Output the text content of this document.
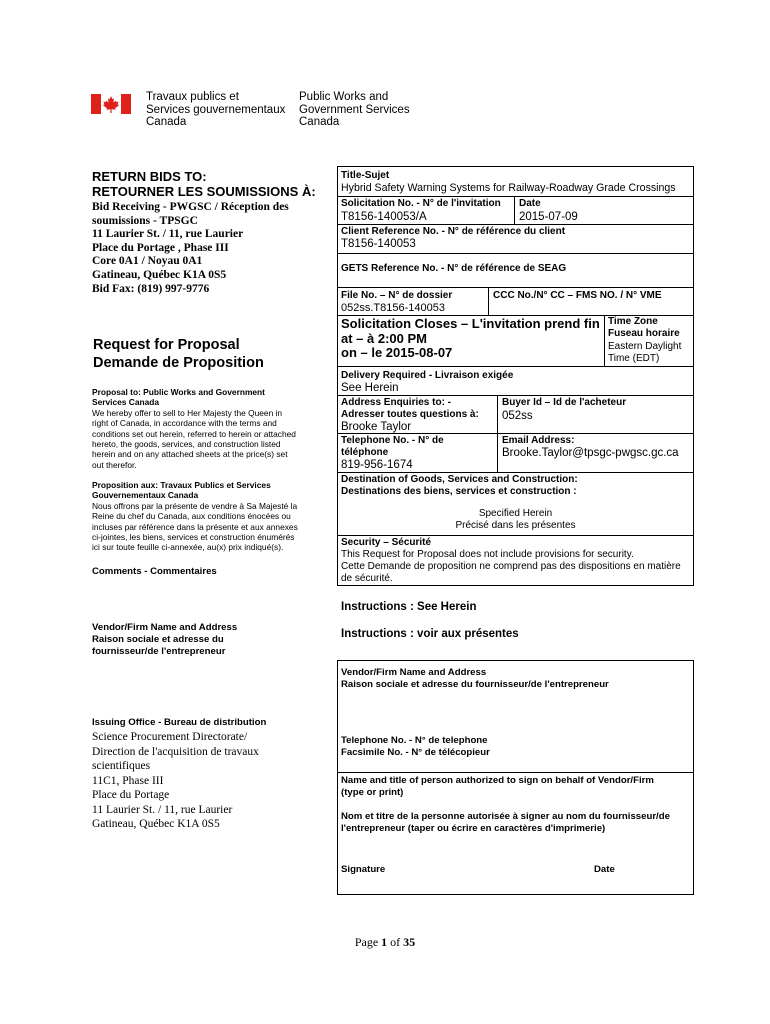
Travaux publics et
Services gouvernementaux
Canada
Public Works and
Government Services
Canada
RETURN BIDS TO:
RETOURNER LES SOUMISSIONS À:
Bid Receiving - PWGSC / Réception des
soumissions - TPSGC
11 Laurier St. / 11, rue Laurier
Place du Portage , Phase III
Core 0A1 / Noyau 0A1
Gatineau, Québec K1A 0S5
Bid Fax: (819) 997-9776
Request for Proposal
Demande de Proposition
Proposal to: Public Works and Government
Services Canada
We hereby offer to sell to Her Majesty the Queen in
right of Canada, in accordance with the terms and
conditions set out herein, referred to herein or attached
hereto, the goods, services, and construction listed
herein and on any attached sheets at the price(s) set
out therefor.
Proposition aux: Travaux Publics et Services
Gouvernementaux Canada
Nous offrons par la présente de vendre à Sa Majesté la
Reine du chef du Canada, aux conditions énocées ou
incluses par référence dans la présente et aux annexes
ci-jointes, les biens, services et construction énumérés
ici sur toute feuille ci-annexée, au(x) prix indiqué(s).
Comments - Commentaires
Vendor/Firm Name and Address
Raison sociale et adresse du
fournisseur/de l'entrepreneur
Issuing Office - Bureau de distribution
Science Procurement Directorate/
Direction de l'acquisition de travaux
scientifiques
11C1, Phase III
Place du Portage
11 Laurier St. / 11, rue Laurier
Gatineau, Québec K1A 0S5
Title-Sujet
Hybrid Safety Warning Systems for Railway-Roadway Grade Crossings
Solicitation No. - N° de l'invitation
T8156-140053/A
Date
2015-07-09
Client Reference No. - N° de référence du client
T8156-140053
GETS Reference No. - N° de référence de SEAG
File No. – N° de dossier
052ss.T8156-140053
CCC No./N° CC – FMS NO. / N° VME
Solicitation Closes – L'invitation prend fin
at – à 2:00 PM
on – le 2015-08-07
Time Zone
Fuseau horaire
Eastern Daylight
Time (EDT)
Delivery Required - Livraison exigée
See Herein
Address Enquiries to: -
Adresser toutes questions à:
Brooke Taylor
Buyer Id – Id de l'acheteur
052ss
Telephone No. - N° de
téléphone
819-956-1674
Email Address:
Brooke.Taylor@tpsgc-pwgsc.gc.ca
Destination of Goods, Services and Construction:
Destinations des biens, services et construction :
Specified Herein
Précisé dans les présentes
Security – Sécurité
This Request for Proposal does not include provisions for security.
Cette Demande de proposition ne comprend pas des dispositions en matière
de sécurité.
Instructions : See Herein
Instructions : voir aux présentes
Vendor/Firm Name and Address
Raison sociale et adresse du fournisseur/de l'entrepreneur
Telephone No. - N° de telephone
Facsimile No. - N° de télécopieur
Name and title of person authorized to sign on behalf of Vendor/Firm
(type or print)
Nom et titre de la personne autorisée à signer au nom du fournisseur/de
l'entrepreneur (taper ou écrire en caractères d'imprimerie)
Signature	Date
Page 1 of 35
